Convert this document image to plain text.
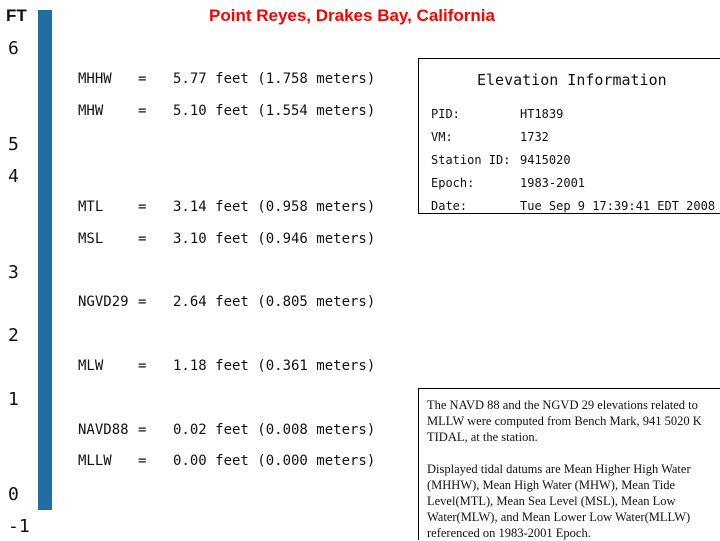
FT	Point Reyes, Drakes Bay, California
6
5
4
3
2
1
0
-1
MHHW = 5.77 feet (1.758 meters)
MHW = 5.10 feet (1.554 meters)
MTL = 3.14 feet (0.958 meters)
MSL = 3.10 feet (0.946 meters)
NGVD29 = 2.64 feet (0.805 meters)
MLW = 1.18 feet (0.361 meters)
NAVD88 = 0.02 feet (0.008 meters)
MLLW = 0.00 feet (0.000 meters)
Elevation Information
PID:	HT1839
VM:	1732
Station ID: 9415020
Epoch:	1983-2001
Date:	Tue Sep 9 17:39:41 EDT 2008

The NAVD 88 and the NGVD 29 elevations related to MLLW were computed from Bench Mark, 941 5020 K TIDAL, at the station.

Displayed tidal datums are Mean Higher High Water (MHHW), Mean High Water (MHW), Mean Tide Level(MTL), Mean Sea Level (MSL), Mean Low Water(MLW), and Mean Lower Low Water(MLLW) referenced on 1983-2001 Epoch.
